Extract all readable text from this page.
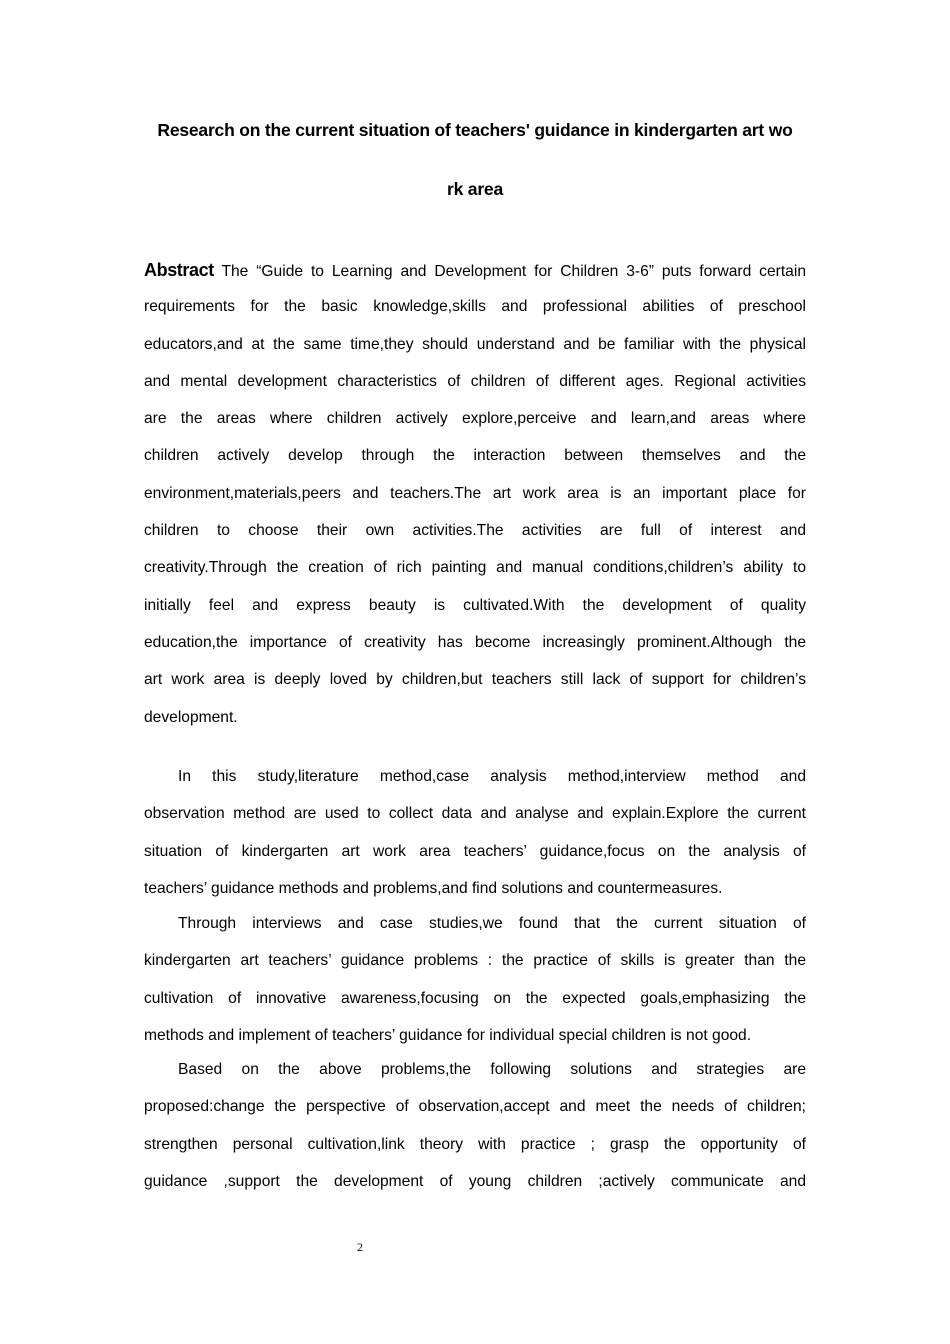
Research on the current situation of teachers' guidance in kindergarten art wo
rk area
Abstract The “Guide to Learning and Development for Children 3-6” puts forward certain
requirements for the basic knowledge,skills and professional abilities of preschool
educators,and at the same time,they should understand and be familiar with the physical
and mental development characteristics of children of different ages. Regional activities
are the areas where children actively explore,perceive and learn,and areas where
children actively develop through the interaction between themselves and the
environment,materials,peers and teachers.The art work area is an important place for
children to choose their own activities.The activities are full of interest and
creativity.Through the creation of rich painting and manual conditions,children’s ability to
initially feel and express beauty is cultivated.With the development of quality
education,the importance of creativity has become increasingly prominent.Although the
art work area is deeply loved by children,but teachers still lack of support for children’s
development.
In this study,literature method,case analysis method,interview method and
observation method are used to collect data and analyse and explain.Explore the current
situation of kindergarten art work area teachers’ guidance,focus on the analysis of
teachers’ guidance methods and problems,and find solutions and countermeasures.
Through interviews and case studies,we found that the current situation of
kindergarten art teachers’ guidance problems : the practice of skills is greater than the
cultivation of innovative awareness,focusing on the expected goals,emphasizing the
methods and implement of teachers’ guidance for individual special children is not good.
Based on the above problems,the following solutions and strategies are
proposed:change the perspective of observation,accept and meet the needs of children;
strengthen personal cultivation,link theory with practice ; grasp the opportunity of
guidance ,support the development of young children ;actively communicate and
2
